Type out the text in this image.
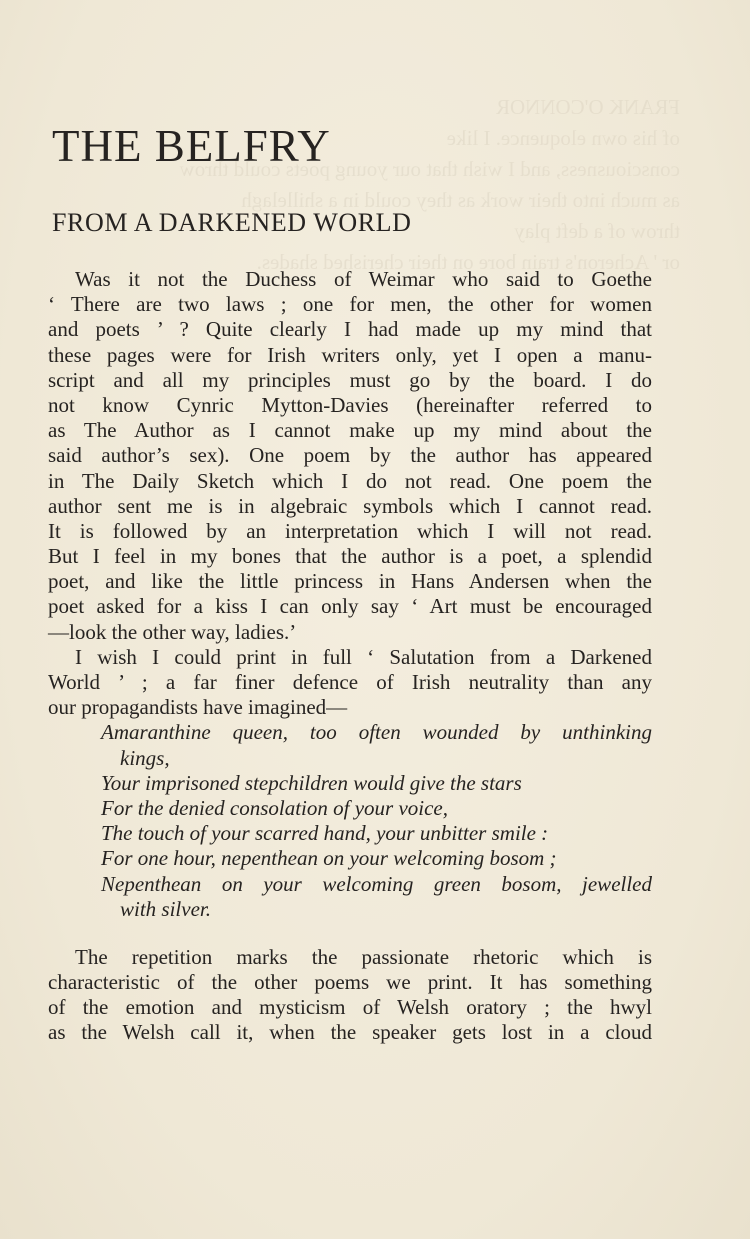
FRANK O'CONNOR
of his own eloquence. I like
consciousness, and I wish that our young poets could throw
as much into their work as they could in a shillelagh
throw of a deft play
or ' Acheron's train bore on their cherished shades.
THE BELFRY
FROM A DARKENED WORLD
Was it not the Duchess of Weimar who said to Goethe
‘ There are two laws ; one for men, the other for women
and poets ’ ? Quite clearly I had made up my mind that
these pages were for Irish writers only, yet I open a manu-
script and all my principles must go by the board. I do
not know Cynric Mytton-Davies (hereinafter referred to
as The Author as I cannot make up my mind about the
said author’s sex). One poem by the author has appeared
in The Daily Sketch which I do not read. One poem the
author sent me is in algebraic symbols which I cannot read.
It is followed by an interpretation which I will not read.
But I feel in my bones that the author is a poet, a splendid
poet, and like the little princess in Hans Andersen when the
poet asked for a kiss I can only say ‘ Art must be encouraged
—look the other way, ladies.’
I wish I could print in full ‘ Salutation from a Darkened
World ’ ; a far finer defence of Irish neutrality than any
our propagandists have imagined—
Amaranthine queen, too often wounded by unthinking
kings,
Your imprisoned stepchildren would give the stars
For the denied consolation of your voice,
The touch of your scarred hand, your unbitter smile :
For one hour, nepenthean on your welcoming bosom ;
Nepenthean on your welcoming green bosom, jewelled
with silver.
The repetition marks the passionate rhetoric which is
characteristic of the other poems we print. It has something
of the emotion and mysticism of Welsh oratory ; the hwyl
as the Welsh call it, when the speaker gets lost in a cloud
